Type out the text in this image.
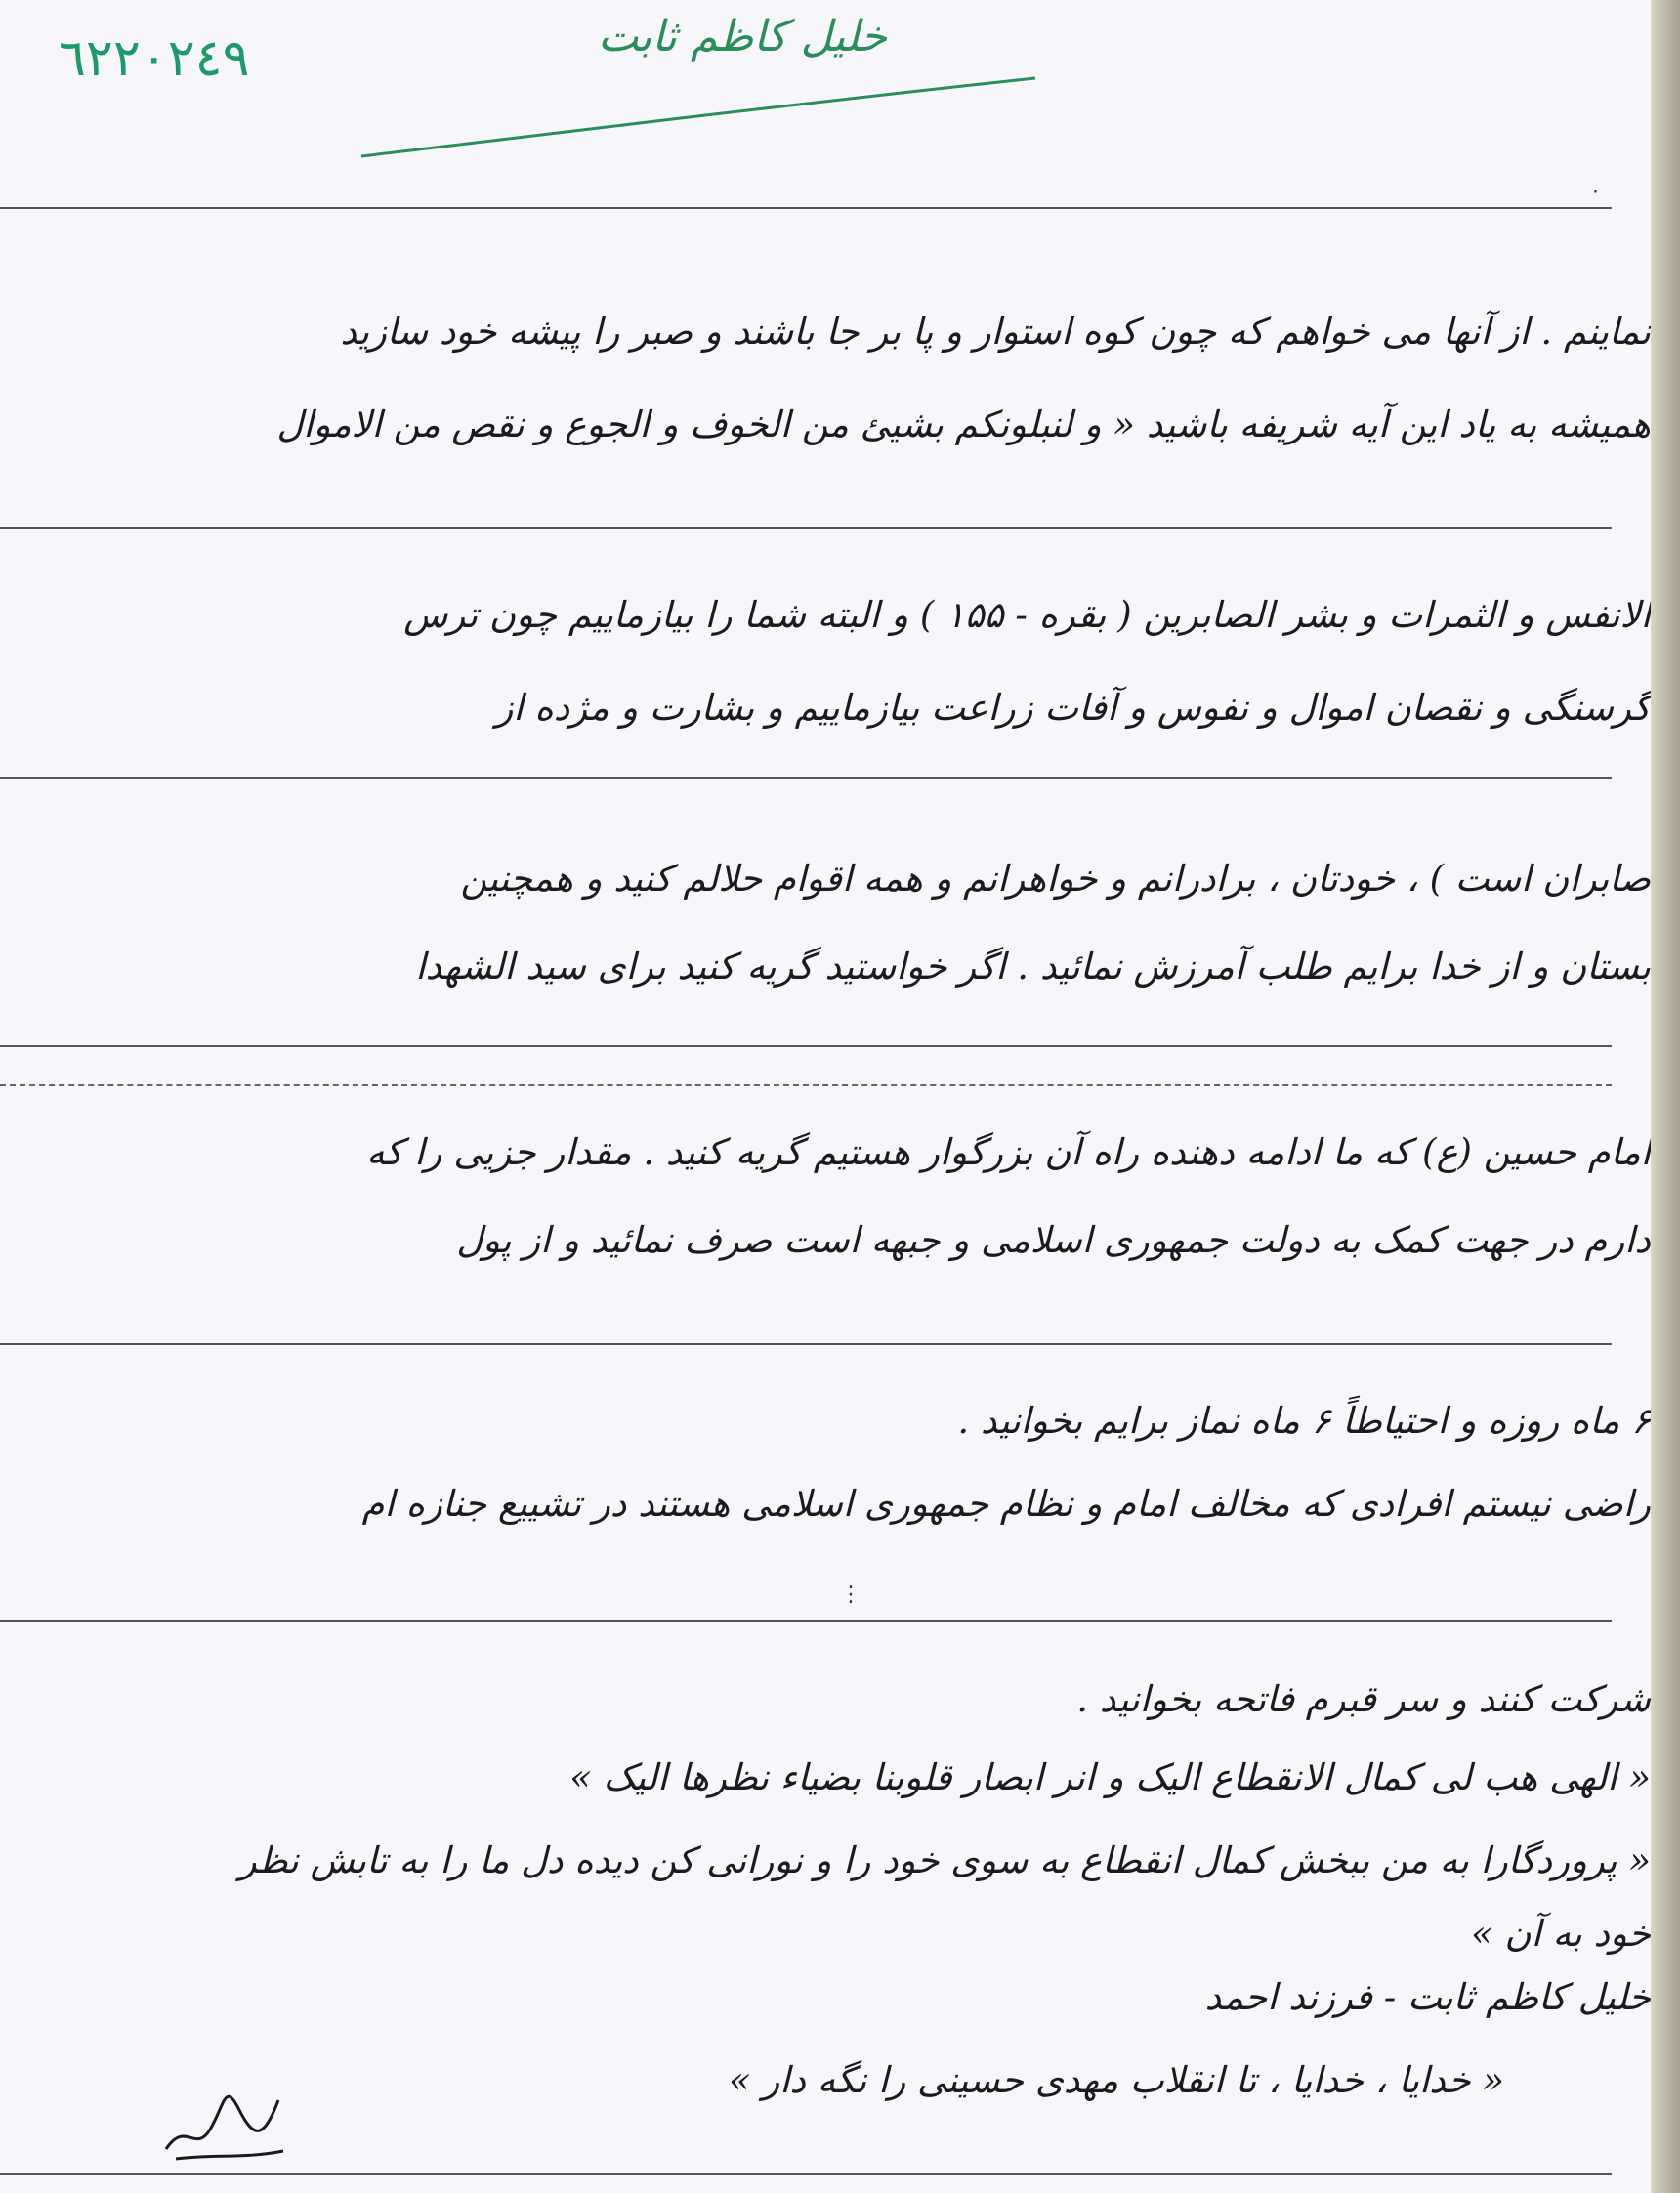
٦٢٢٠٢٤٩	خلیل کاظم ثابت
نماینم . از آنها می خواهم که چون کوه استوار و پا بر جا باشند و صبر را پیشه خود سازید
همیشه به یاد این آیه شریفه باشید « و لنبلونکم بشیئ من الخوف و الجوع و نقص من الاموال
الانفس و الثمرات و بشر الصابرین ( بقره - ۱۵۵ ) و البته شما را بیازماییم چون ترس
گرسنگی و نقصان اموال و نفوس و آفات زراعت بیازماییم و بشارت و مژده از
صابران است ) ، خودتان ، برادرانم و خواهرانم و همه اقوام حلالم کنید و همچنین
بستان و از خدا برایم طلب آمرزش نمائید . اگر خواستید گریه کنید برای سید الشهدا
امام حسین (ع) که ما ادامه دهنده راه آن بزرگوار هستیم گریه کنید . مقدار جزیی را که
دارم در جهت کمک به دولت جمهوری اسلامی و جبهه است صرف نمائید و از پول
۶ ماه روزه و احتیاطاً ۶ ماه نماز برایم بخوانید .
راضی نیستم افرادی که مخالف امام و نظام جمهوری اسلامی هستند در تشییع جنازه ام
شرکت کنند و سر قبرم فاتحه بخوانید .
« الهی هب لی کمال الانقطاع الیک و انر ابصار قلوبنا بضیاء نظرها الیک »
« پروردگارا به من ببخش کمال انقطاع به سوی خود را و نورانی کن دیده دل ما را به تابش نظر
خود به آن »
⋮
·
خلیل کاظم ثابت - فرزند احمد
« خدایا ، خدایا ، تا انقلاب مهدی حسینی را نگه دار »
